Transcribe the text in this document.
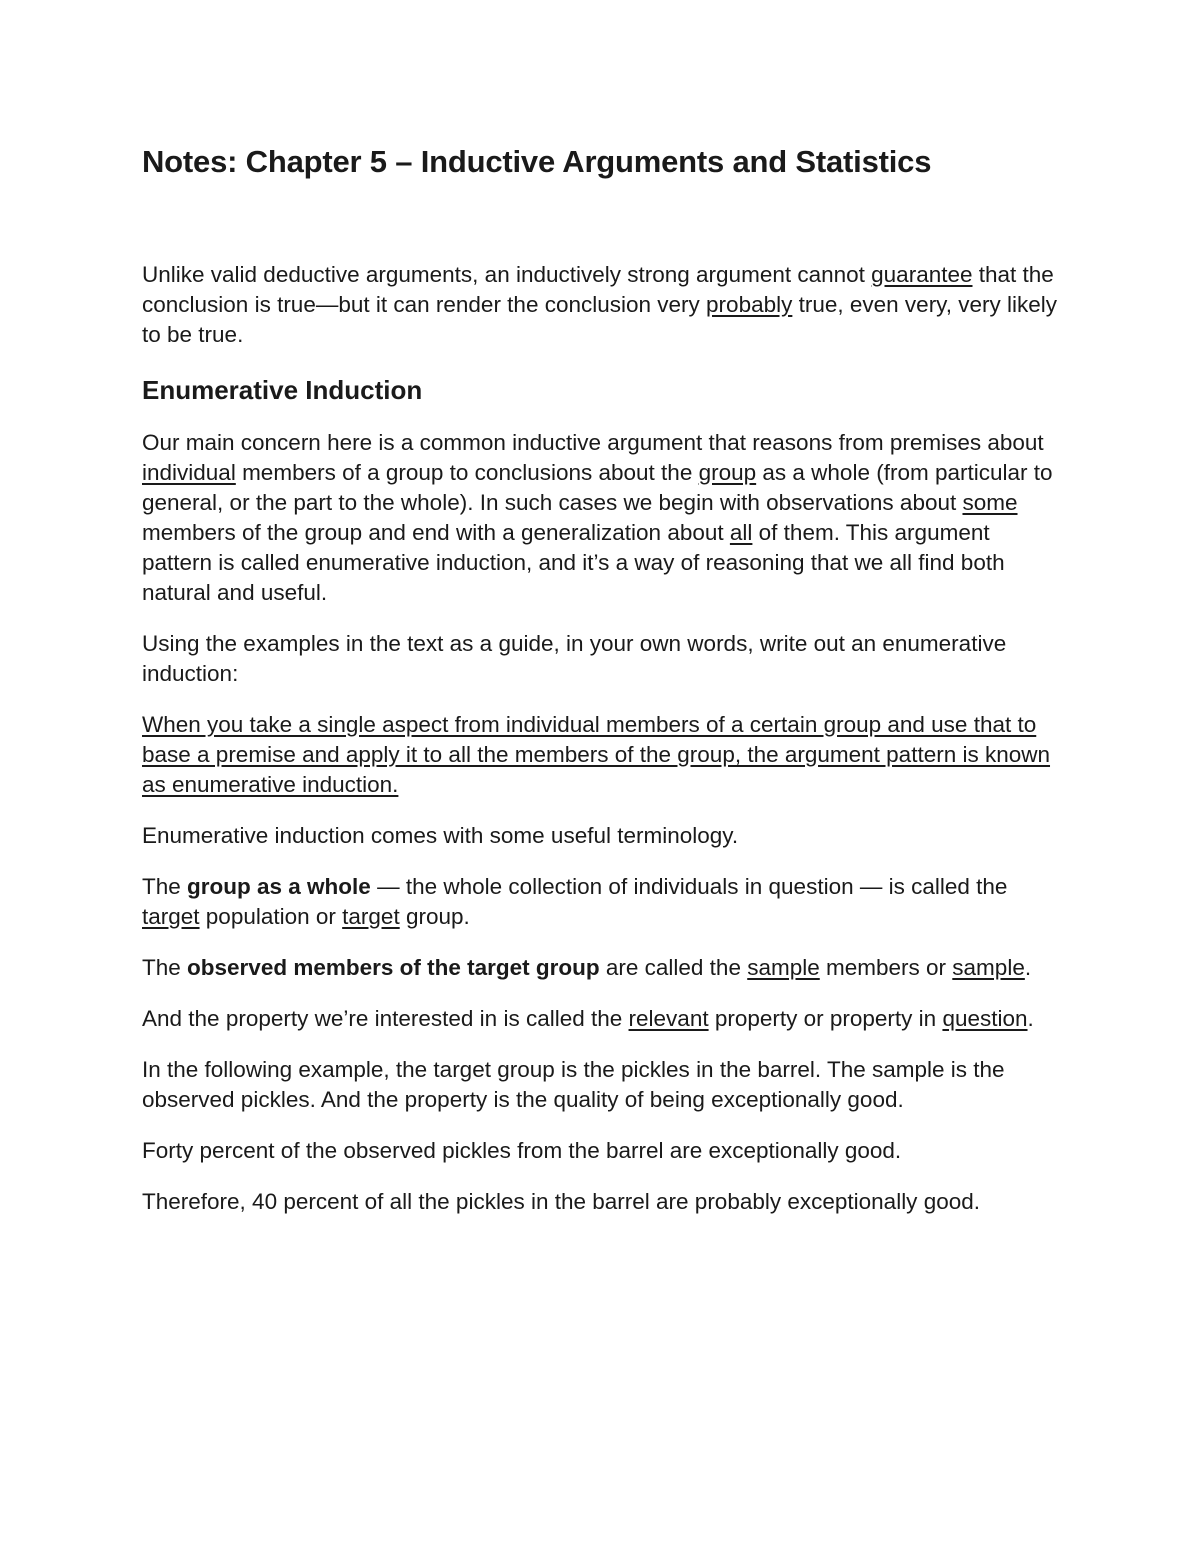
Notes: Chapter 5 – Inductive Arguments and Statistics

Unlike valid deductive arguments, an inductively strong argument cannot guarantee that the conclusion is true—but it can render the conclusion very probably true, even very, very likely to be true.

Enumerative Induction

Our main concern here is a common inductive argument that reasons from premises about individual members of a group to conclusions about the group as a whole (from particular to general, or the part to the whole). In such cases we begin with observations about some members of the group and end with a generalization about all of them. This argument pattern is called enumerative induction, and it’s a way of reasoning that we all find both natural and useful.

Using the examples in the text as a guide, in your own words, write out an enumerative induction:

When you take a single aspect from individual members of a certain group and use that to base a premise and apply it to all the members of the group, the argument pattern is known as enumerative induction.

Enumerative induction comes with some useful terminology.

The group as a whole — the whole collection of individuals in question — is called the target population or target group.

The observed members of the target group are called the sample members or sample.

And the property we’re interested in is called the relevant property or property in question.

In the following example, the target group is the pickles in the barrel. The sample is the observed pickles. And the property is the quality of being exceptionally good.

Forty percent of the observed pickles from the barrel are exceptionally good.

Therefore, 40 percent of all the pickles in the barrel are probably exceptionally good.
